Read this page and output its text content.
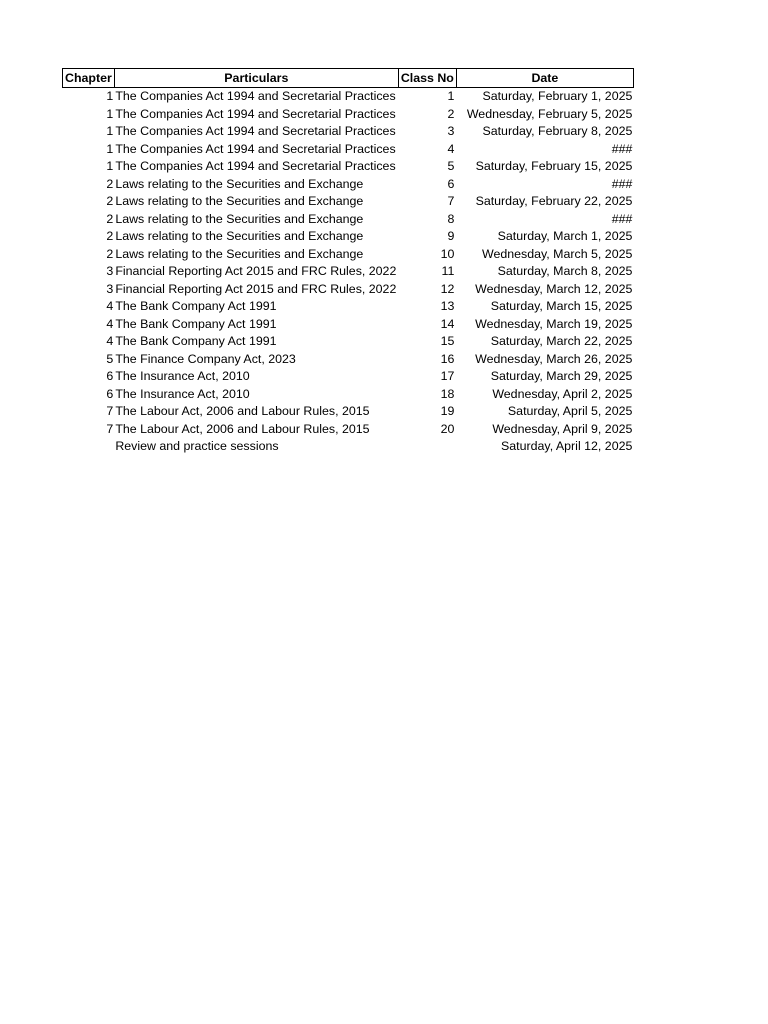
Chapter	Particulars	Class No	Date
1	The Companies Act 1994 and Secretarial Practices	1	Saturday, February 1, 2025
1	The Companies Act 1994 and Secretarial Practices	2	Wednesday, February 5, 2025
1	The Companies Act 1994 and Secretarial Practices	3	Saturday, February 8, 2025
1	The Companies Act 1994 and Secretarial Practices	4	###
1	The Companies Act 1994 and Secretarial Practices	5	Saturday, February 15, 2025
2	Laws relating to the Securities and Exchange	6	###
2	Laws relating to the Securities and Exchange	7	Saturday, February 22, 2025
2	Laws relating to the Securities and Exchange	8	###
2	Laws relating to the Securities and Exchange	9	Saturday, March 1, 2025
2	Laws relating to the Securities and Exchange	10	Wednesday, March 5, 2025
3	Financial Reporting Act 2015 and FRC Rules, 2022	11	Saturday, March 8, 2025
3	Financial Reporting Act 2015 and FRC Rules, 2022	12	Wednesday, March 12, 2025
4	The Bank Company Act 1991	13	Saturday, March 15, 2025
4	The Bank Company Act 1991	14	Wednesday, March 19, 2025
4	The Bank Company Act 1991	15	Saturday, March 22, 2025
5	The Finance Company Act, 2023	16	Wednesday, March 26, 2025
6	The Insurance Act, 2010	17	Saturday, March 29, 2025
6	The Insurance Act, 2010	18	Wednesday, April 2, 2025
7	The Labour Act, 2006 and Labour Rules, 2015	19	Saturday, April 5, 2025
7	The Labour Act, 2006 and Labour Rules, 2015	20	Wednesday, April 9, 2025
	Review and practice sessions		Saturday, April 12, 2025
